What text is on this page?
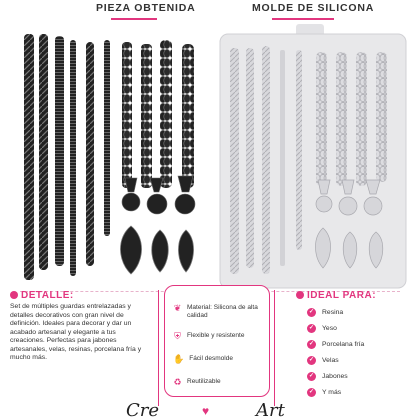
PIEZA OBTENIDA	MOLDE DE SILICONA
DETALLE:
Set de múltiples guardas entrelazadas y detalles decorativos con gran nivel de definición. Ideales para decorar y dar un acabado artesanal y elegante a tus creaciones. Perfectas para jabones artesanales, velas, resinas, porcelana fría y mucho más.
❦ Material: Silicona de alta calidad
⛨ Flexible y resistente
✋ Fácil desmolde
♻ Reutilizable
IDEAL PARA:
✓ Resina
✓ Yeso
✓ Porcelana fría
✓ Velas
✓ Jabones
✓ Y más
Cre	♥	Art
